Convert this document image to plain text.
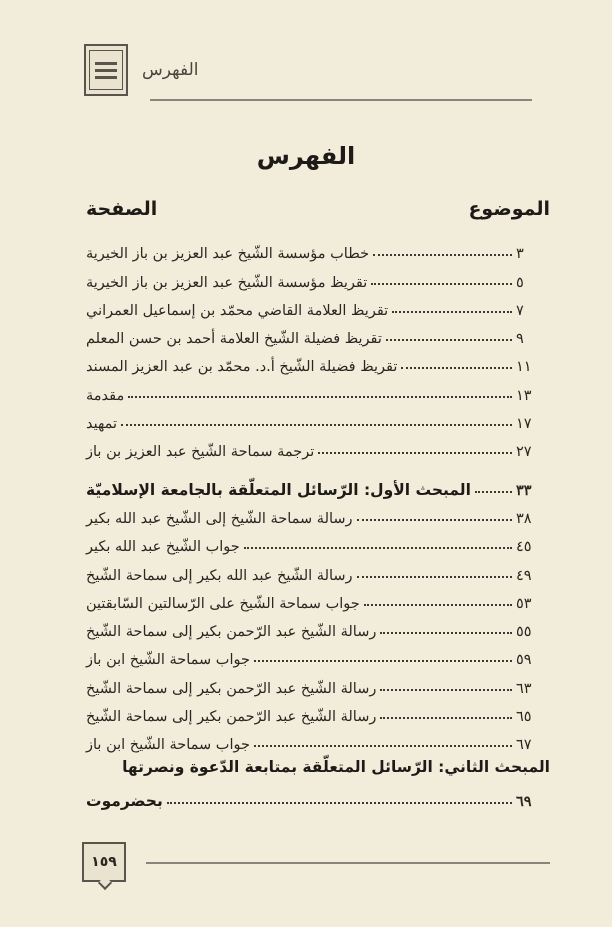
الفهرس
الفهرس
الموضوع
الصفحة
خطاب مؤسسة الشّيخ عبد العزيز بن باز الخيرية	٣
تقريظ مؤسسة الشّيخ عبد العزيز بن باز الخيرية	٥
تقريظ العلامة القاضي محمّد بن إسماعيل العمراني	٧
تقريظ فضيلة الشّيخ العلامة أحمد بن حسن المعلم	٩
تقريظ فضيلة الشّيخ أ.د. محمّد بن عبد العزيز المسند	١١
مقدمة	١٣
تمهيد	١٧
ترجمة سماحة الشّيخ عبد العزيز بن باز	٢٧
المبحث الأول: الرّسائل المتعلّقة بالجامعة الإسلاميّة	٣٣
رسالة سماحة الشّيخ إلى الشّيخ عبد الله بكير	٣٨
جواب الشّيخ عبد الله بكير	٤٥
رسالة الشّيخ عبد الله بكير إلى سماحة الشّيخ	٤٩
جواب سماحة الشّيخ على الرّسالتين السّابقتين	٥٣
رسالة الشّيخ عبد الرّحمن بكير إلى سماحة الشّيخ	٥٥
جواب سماحة الشّيخ ابن باز	٥٩
رسالة الشّيخ عبد الرّحمن بكير إلى سماحة الشّيخ	٦٣
رسالة الشّيخ عبد الرّحمن بكير إلى سماحة الشّيخ	٦٥
جواب سماحة الشّيخ ابن باز	٦٧
المبحث الثاني: الرّسائل المتعلّقة بمتابعة الدّعوة ونصرتها
بحضرموت	٦٩
١٥٩
